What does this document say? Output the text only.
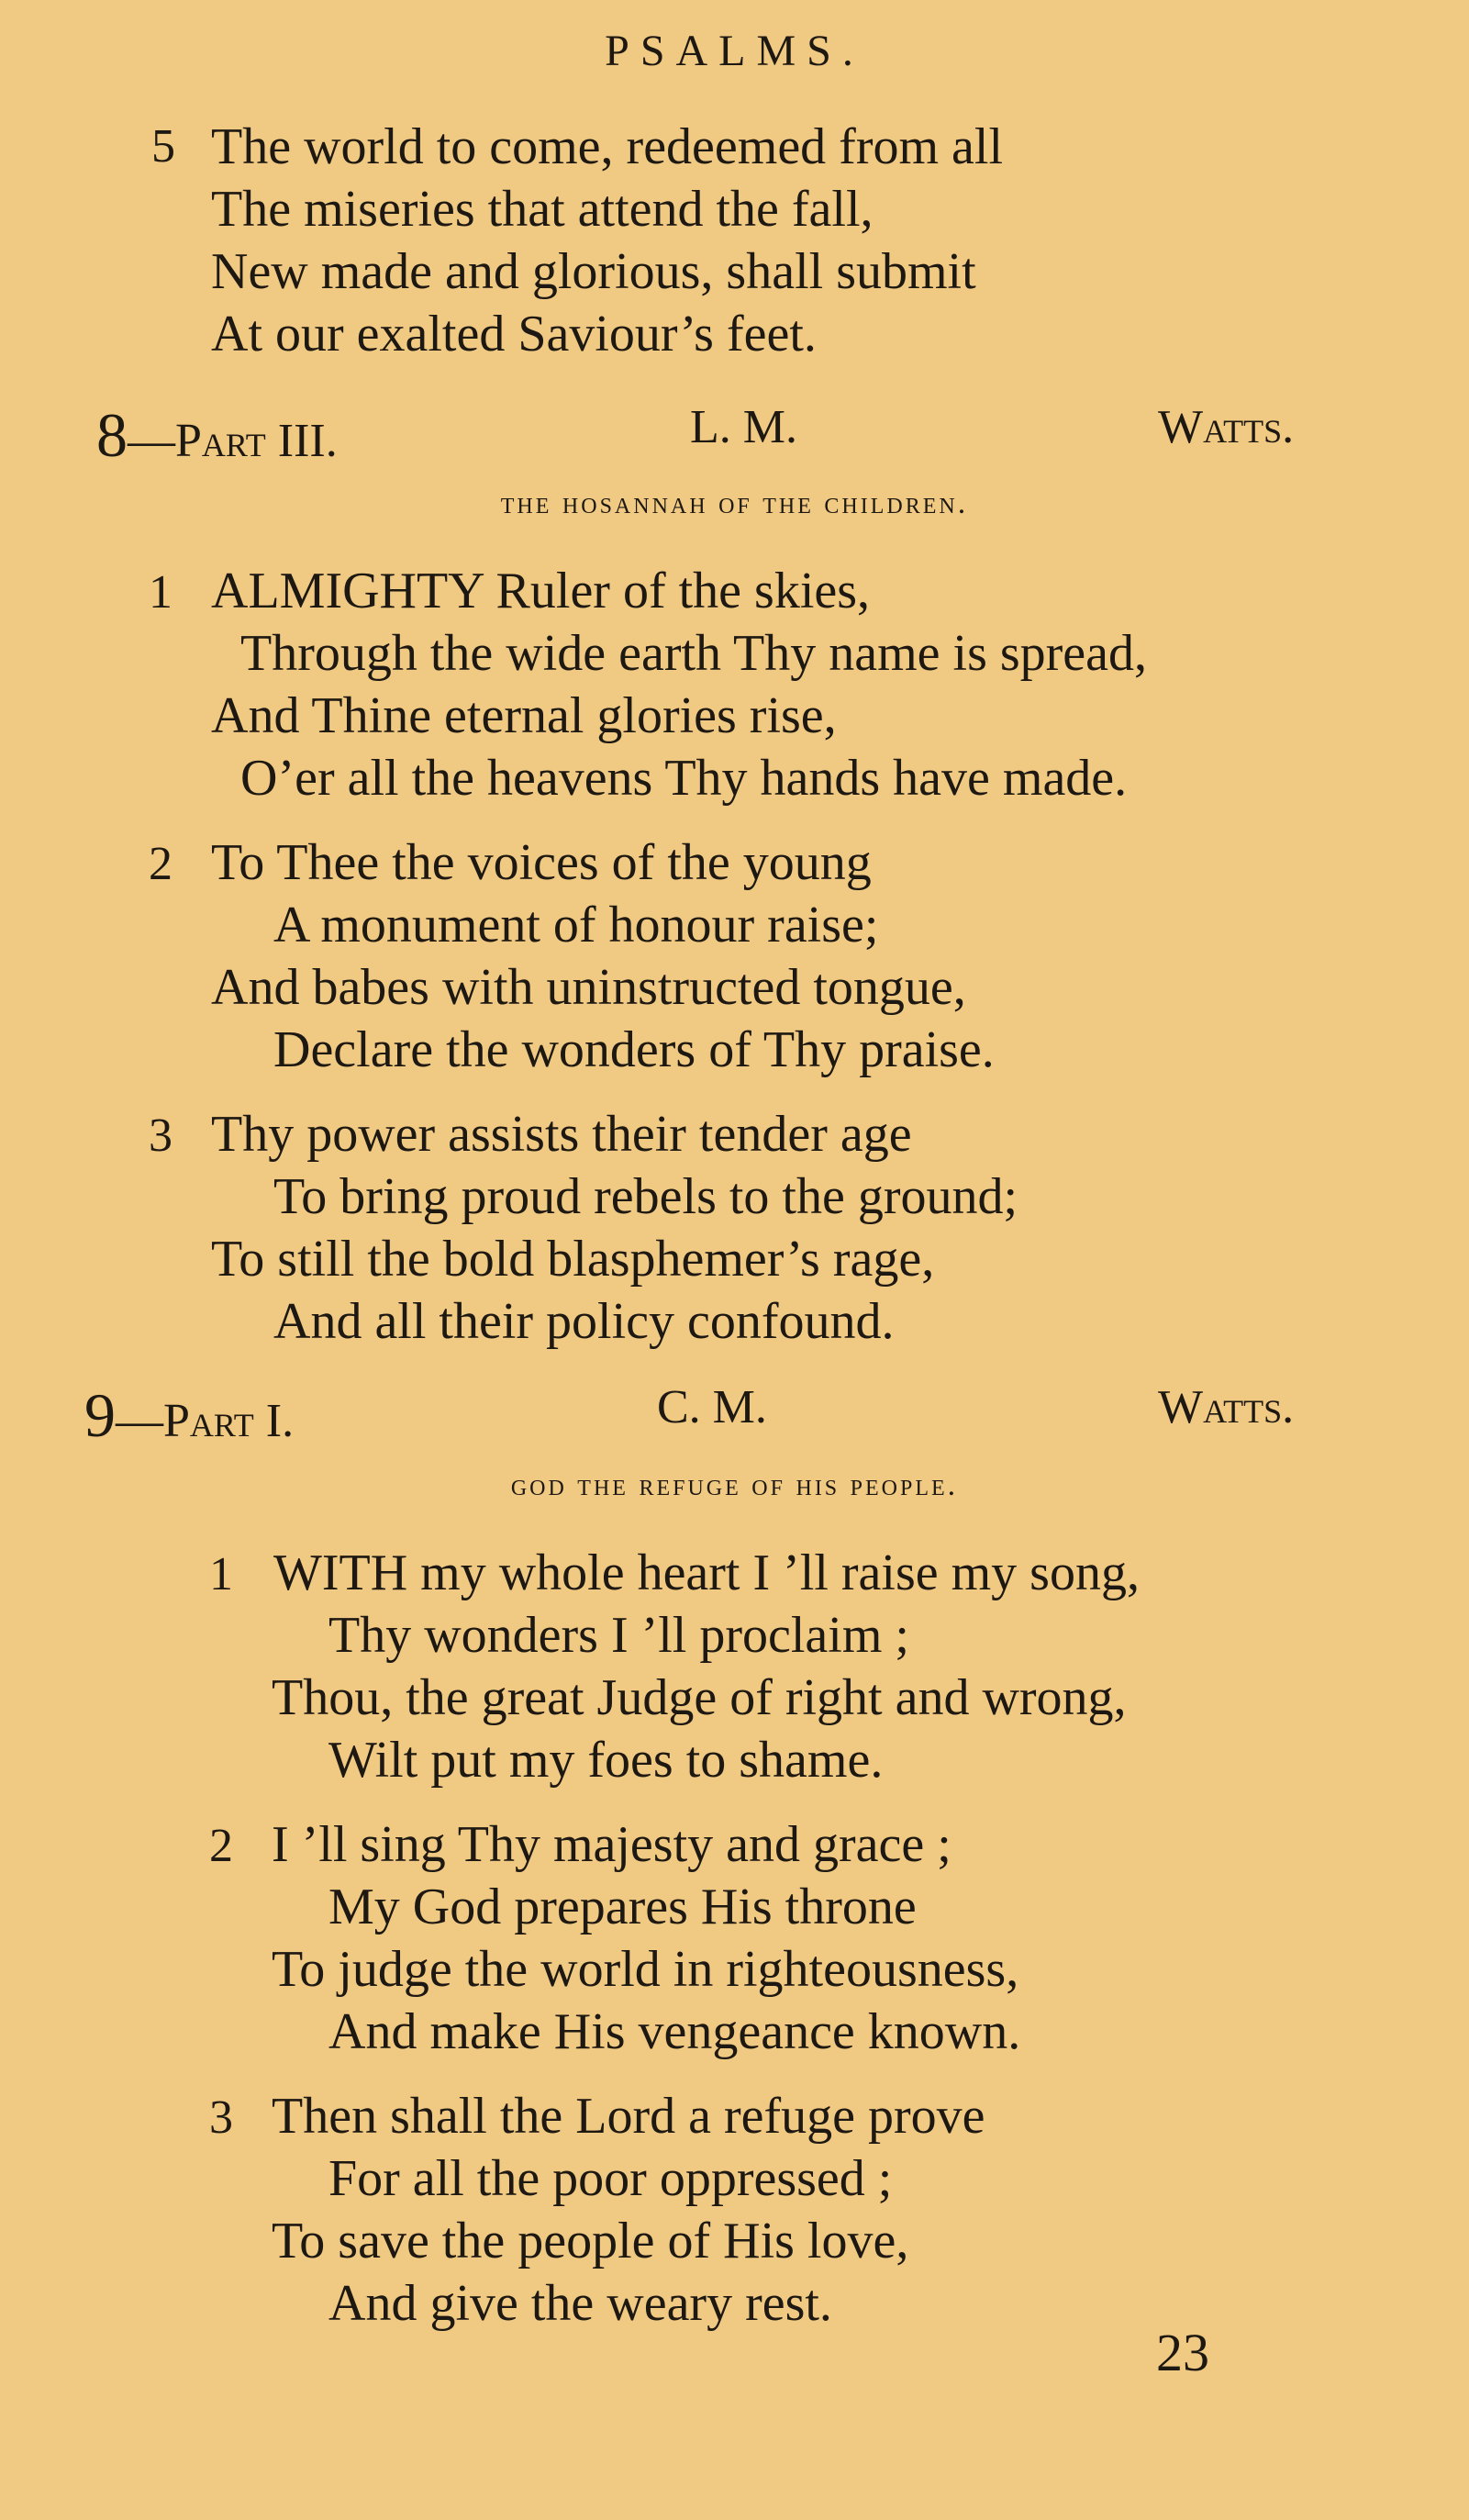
PSALMS.
5 The world to come, redeemed from all
The miseries that attend the fall,
New made and glorious, shall submit
At our exalted Saviour’s feet.
8—Part III.	L. M.	Watts.
the hosannah of the children.
1 ALMIGHTY Ruler of the skies,
Through the wide earth Thy name is spread,
And Thine eternal glories rise,
O’er all the heavens Thy hands have made.
2 To Thee the voices of the young
A monument of honour raise;
And babes with uninstructed tongue,
Declare the wonders of Thy praise.
3 Thy power assists their tender age
To bring proud rebels to the ground;
To still the bold blasphemer’s rage,
And all their policy confound.
9—Part I.	C. M.	Watts.
god the refuge of his people.
1 WITH my whole heart I ’ll raise my song,
Thy wonders I ’ll proclaim ;
Thou, the great Judge of right and wrong,
Wilt put my foes to shame.
2 I ’ll sing Thy majesty and grace ;
My God prepares His throne
To judge the world in righteousness,
And make His vengeance known.
3 Then shall the Lord a refuge prove
For all the poor oppressed ;
To save the people of His love,
And give the weary rest.
23
